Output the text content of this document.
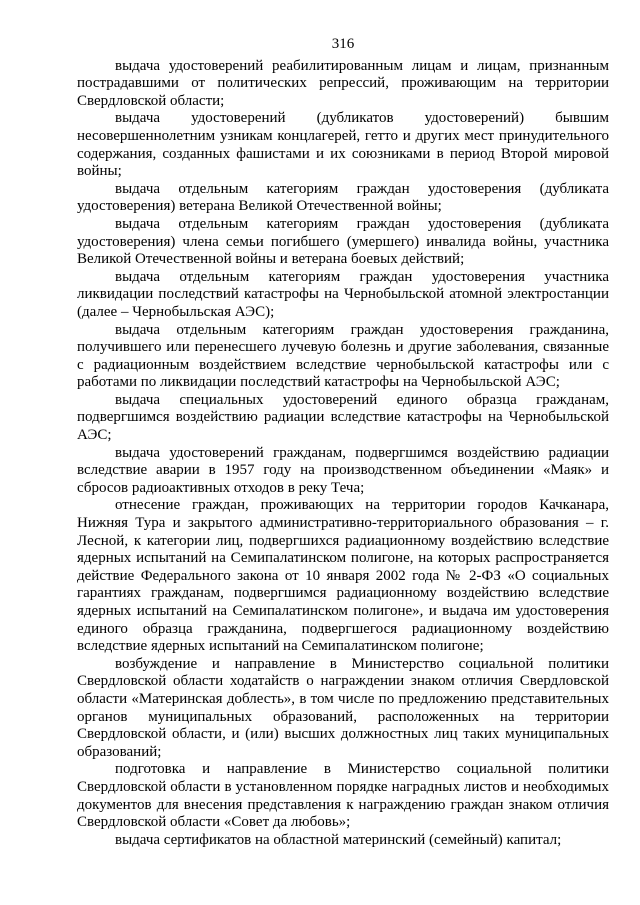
316

выдача удостоверений реабилитированным лицам и лицам, признанным пострадавшими от политических репрессий, проживающим на территории Свердловской области;

выдача удостоверений (дубликатов удостоверений) бывшим несовершеннолетним узникам концлагерей, гетто и других мест принудительного содержания, созданных фашистами и их союзниками в период Второй мировой войны;

выдача отдельным категориям граждан удостоверения (дубликата удостоверения) ветерана Великой Отечественной войны;

выдача отдельным категориям граждан удостоверения (дубликата удостоверения) члена семьи погибшего (умершего) инвалида войны, участника Великой Отечественной войны и ветерана боевых действий;

выдача отдельным категориям граждан удостоверения участника ликвидации последствий катастрофы на Чернобыльской атомной электростанции (далее – Чернобыльская АЭС);

выдача отдельным категориям граждан удостоверения гражданина, получившего или перенесшего лучевую болезнь и другие заболевания, связанные с радиационным воздействием вследствие чернобыльской катастрофы или с работами по ликвидации последствий катастрофы на Чернобыльской АЭС;

выдача специальных удостоверений единого образца гражданам, подвергшимся воздействию радиации вследствие катастрофы на Чернобыльской АЭС;

выдача удостоверений гражданам, подвергшимся воздействию радиации вследствие аварии в 1957 году на производственном объединении «Маяк» и сбросов радиоактивных отходов в реку Теча;

отнесение граждан, проживающих на территории городов Качканара, Нижняя Тура и закрытого административно-территориального образования – г. Лесной, к категории лиц, подвергшихся радиационному воздействию вследствие ядерных испытаний на Семипалатинском полигоне, на которых распространяется действие Федерального закона от 10 января 2002 года № 2-ФЗ «О социальных гарантиях гражданам, подвергшимся радиационному воздействию вследствие ядерных испытаний на Семипалатинском полигоне», и выдача им удостоверения единого образца гражданина, подвергшегося радиационному воздействию вследствие ядерных испытаний на Семипалатинском полигоне;

возбуждение и направление в Министерство социальной политики Свердловской области ходатайств о награждении знаком отличия Свердловской области «Материнская доблесть», в том числе по предложению представительных органов муниципальных образований, расположенных на территории Свердловской области, и (или) высших должностных лиц таких муниципальных образований;

подготовка и направление в Министерство социальной политики Свердловской области в установленном порядке наградных листов и необходимых документов для внесения представления к награждению граждан знаком отличия Свердловской области «Совет да любовь»;

выдача сертификатов на областной материнский (семейный) капитал;
